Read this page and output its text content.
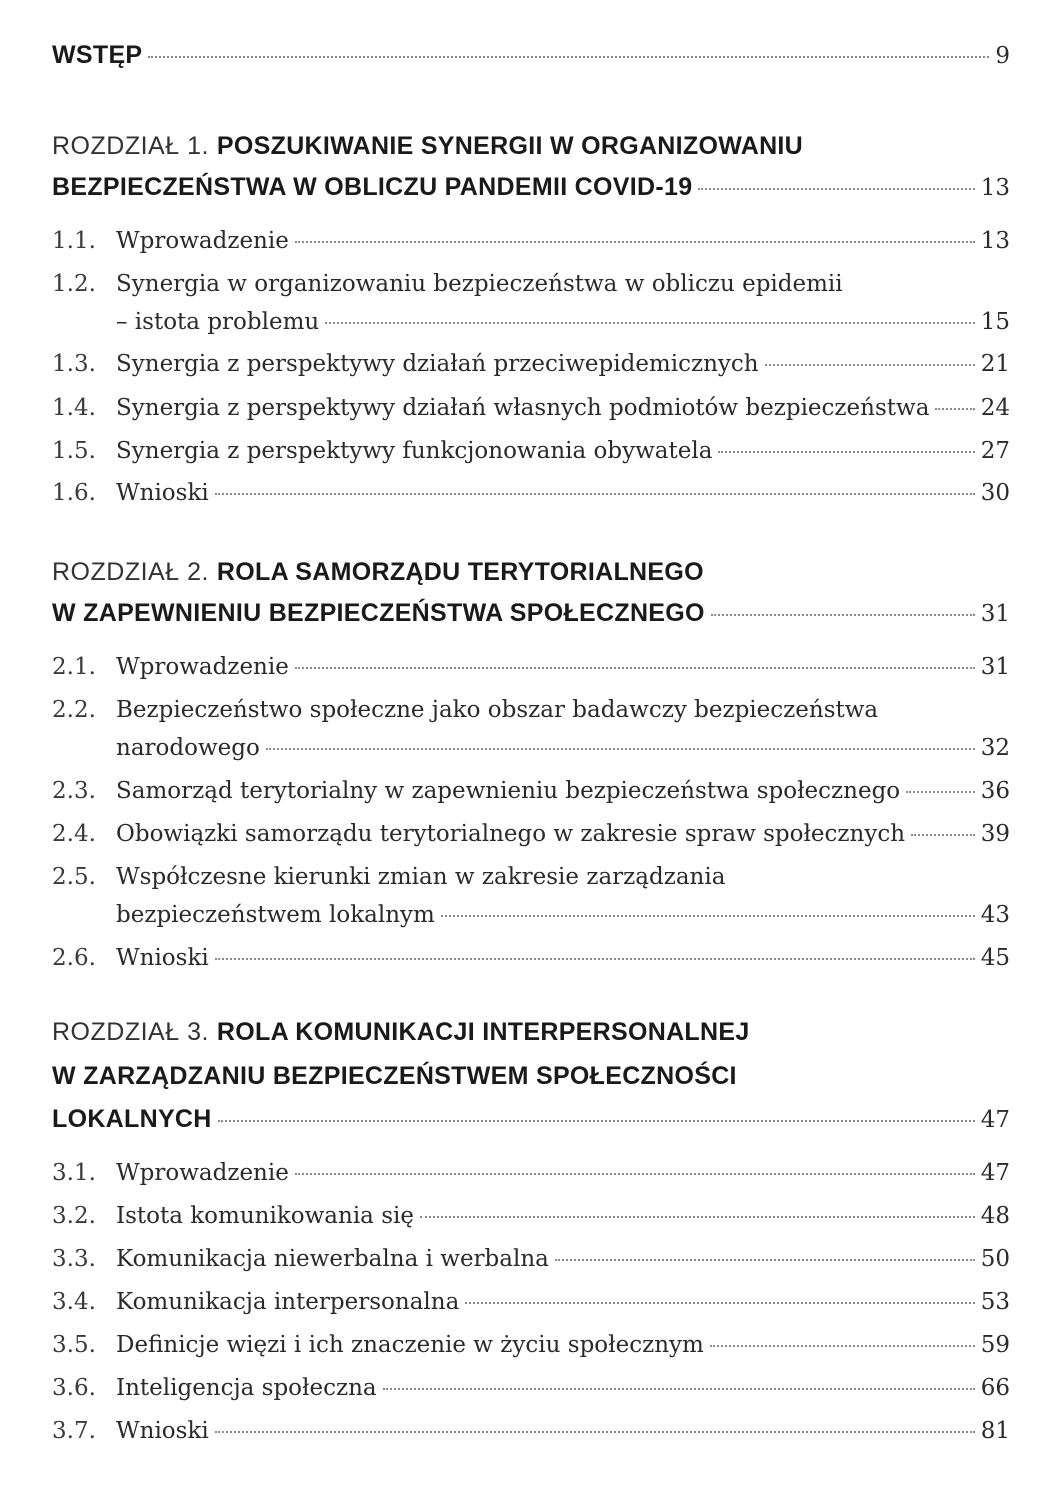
WSTĘP	9
ROZDZIAŁ 1. POSZUKIWANIE SYNERGII W ORGANIZOWANIU
BEZPIECZEŃSTWA W OBLICZU PANDEMII COVID-19	13
1.1. Wprowadzenie	13
1.2. Synergia w organizowaniu bezpieczeństwa w obliczu epidemii
– istota problemu	15
1.3. Synergia z perspektywy działań przeciwepidemicznych	21
1.4. Synergia z perspektywy działań własnych podmiotów bezpieczeństwa 24
1.5. Synergia z perspektywy funkcjonowania obywatela	27
1.6. Wnioski	30
ROZDZIAŁ 2. ROLA SAMORZĄDU TERYTORIALNEGO
W ZAPEWNIENIU BEZPIECZEŃSTWA SPOŁECZNEGO	31
2.1. Wprowadzenie	31
2.2. Bezpieczeństwo społeczne jako obszar badawczy bezpieczeństwa
narodowego	32
2.3. Samorząd terytorialny w zapewnieniu bezpieczeństwa społecznego	36
2.4. Obowiązki samorządu terytorialnego w zakresie spraw społecznych	39
2.5. Współczesne kierunki zmian w zakresie zarządzania
bezpieczeństwem lokalnym	43
2.6. Wnioski	45
ROZDZIAŁ 3. ROLA KOMUNIKACJI INTERPERSONALNEJ
W ZARZĄDZANIU BEZPIECZEŃSTWEM SPOŁECZNOŚCI
LOKALNYCH	47
3.1. Wprowadzenie	47
3.2. Istota komunikowania się	48
3.3. Komunikacja niewerbalna i werbalna	50
3.4. Komunikacja interpersonalna	53
3.5. Definicje więzi i ich znaczenie w życiu społecznym	59
3.6. Inteligencja społeczna	66
3.7. Wnioski	81
